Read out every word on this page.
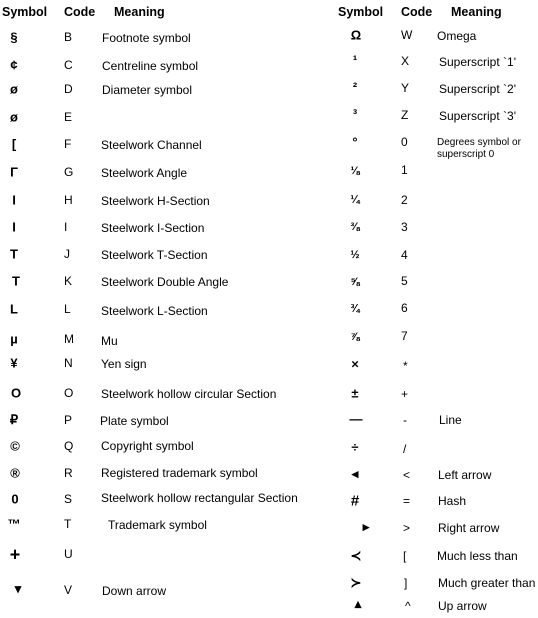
Symbol Code Meaning	Symbol Code Meaning
§	B Footnote symbol
¢	C Centreline symbol
ø	D Diameter symbol
ø	E
[	F Steelwork Channel
Γ	G Steelwork Angle
I	H Steelwork H-Section
I	I	Steelwork I-Section
T	J	Steelwork T-Section
T	K Steelwork Double Angle
L	L	Steelwork L-Section
µ	M Mu
¥	N Yen sign
O	O Steelwork hollow circular Section
₽	P Plate symbol
©	Q Copyright symbol
®	R Registered trademark symbol
0	S Steelwork hollow rectangular Section
™	T	Trademark symbol
+	U
▾	V Down arrow
Ω	W Omega
¹	X Superscript `1'
²	Y Superscript `2'
³	Z	Superscript `3'
°	0	Degrees symbol or superscript 0
⅛	1
¼	2
⅜	3
½	4
⅝	5
¾	6
⅞	7
×	*
±	+
—	-	Line
÷	/
◂	< Left arrow
#	= Hash
▸	> Right arrow
≺	[	Much less than
≻	]	Much greater than
▴	^ Up arrow
